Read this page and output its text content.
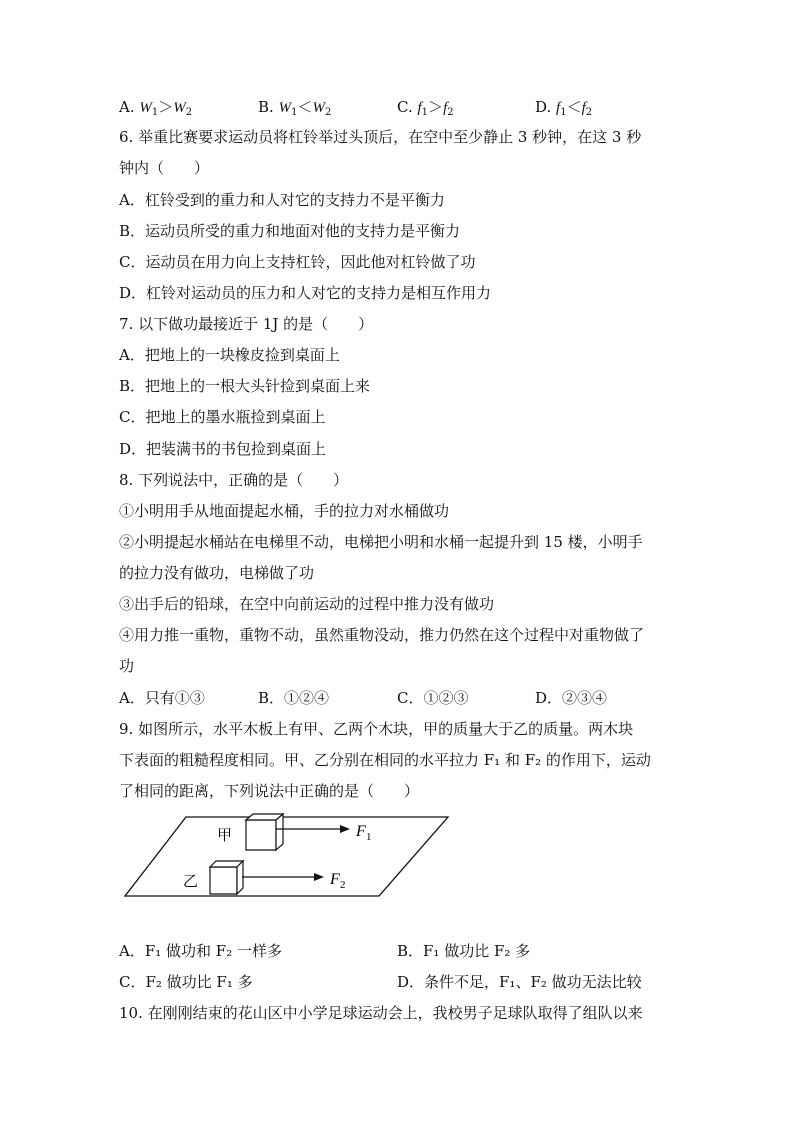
A. $W_1>W_2$	B. $W_1<W_2$	C. $f_1>f_2$	D. $f_1<f_2$
6. 举重比赛要求运动员将杠铃举过头顶后，在空中至少静止 3 秒钟，在这 3 秒
钟内（　　）
A．杠铃受到的重力和人对它的支持力不是平衡力
B．运动员所受的重力和地面对他的支持力是平衡力
C．运动员在用力向上支持杠铃，因此他对杠铃做了功
D．杠铃对运动员的压力和人对它的支持力是相互作用力
7. 以下做功最接近于 1J 的是（　　）
A．把地上的一块橡皮捡到桌面上
B．把地上的一根大头针捡到桌面上来
C．把地上的墨水瓶捡到桌面上
D．把装满书的书包捡到桌面上
8. 下列说法中，正确的是（　　）
①小明用手从地面提起水桶，手的拉力对水桶做功
②小明提起水桶站在电梯里不动，电梯把小明和水桶一起提升到 15 楼，小明手
的拉力没有做功，电梯做了功
③出手后的铅球，在空中向前运动的过程中推力没有做功
④用力推一重物，重物不动，虽然重物没动，推力仍然在这个过程中对重物做了
功
A．只有①③	B．①②④	C．①②③	D．②③④
9. 如图所示，水平木板上有甲、乙两个木块，甲的质量大于乙的质量。两木块
下表面的粗糙程度相同。甲、乙分别在相同的水平拉力 F₁ 和 F₂ 的作用下，运动
了相同的距离，下列说法中正确的是（　　）
甲	F 1
乙	F 2
A．F₁ 做功和 F₂ 一样多	B．F₁ 做功比 F₂ 多
C．F₂ 做功比 F₁ 多	D．条件不足，F₁、F₂ 做功无法比较
10. 在刚刚结束的花山区中小学足球运动会上，我校男子足球队取得了组队以来
